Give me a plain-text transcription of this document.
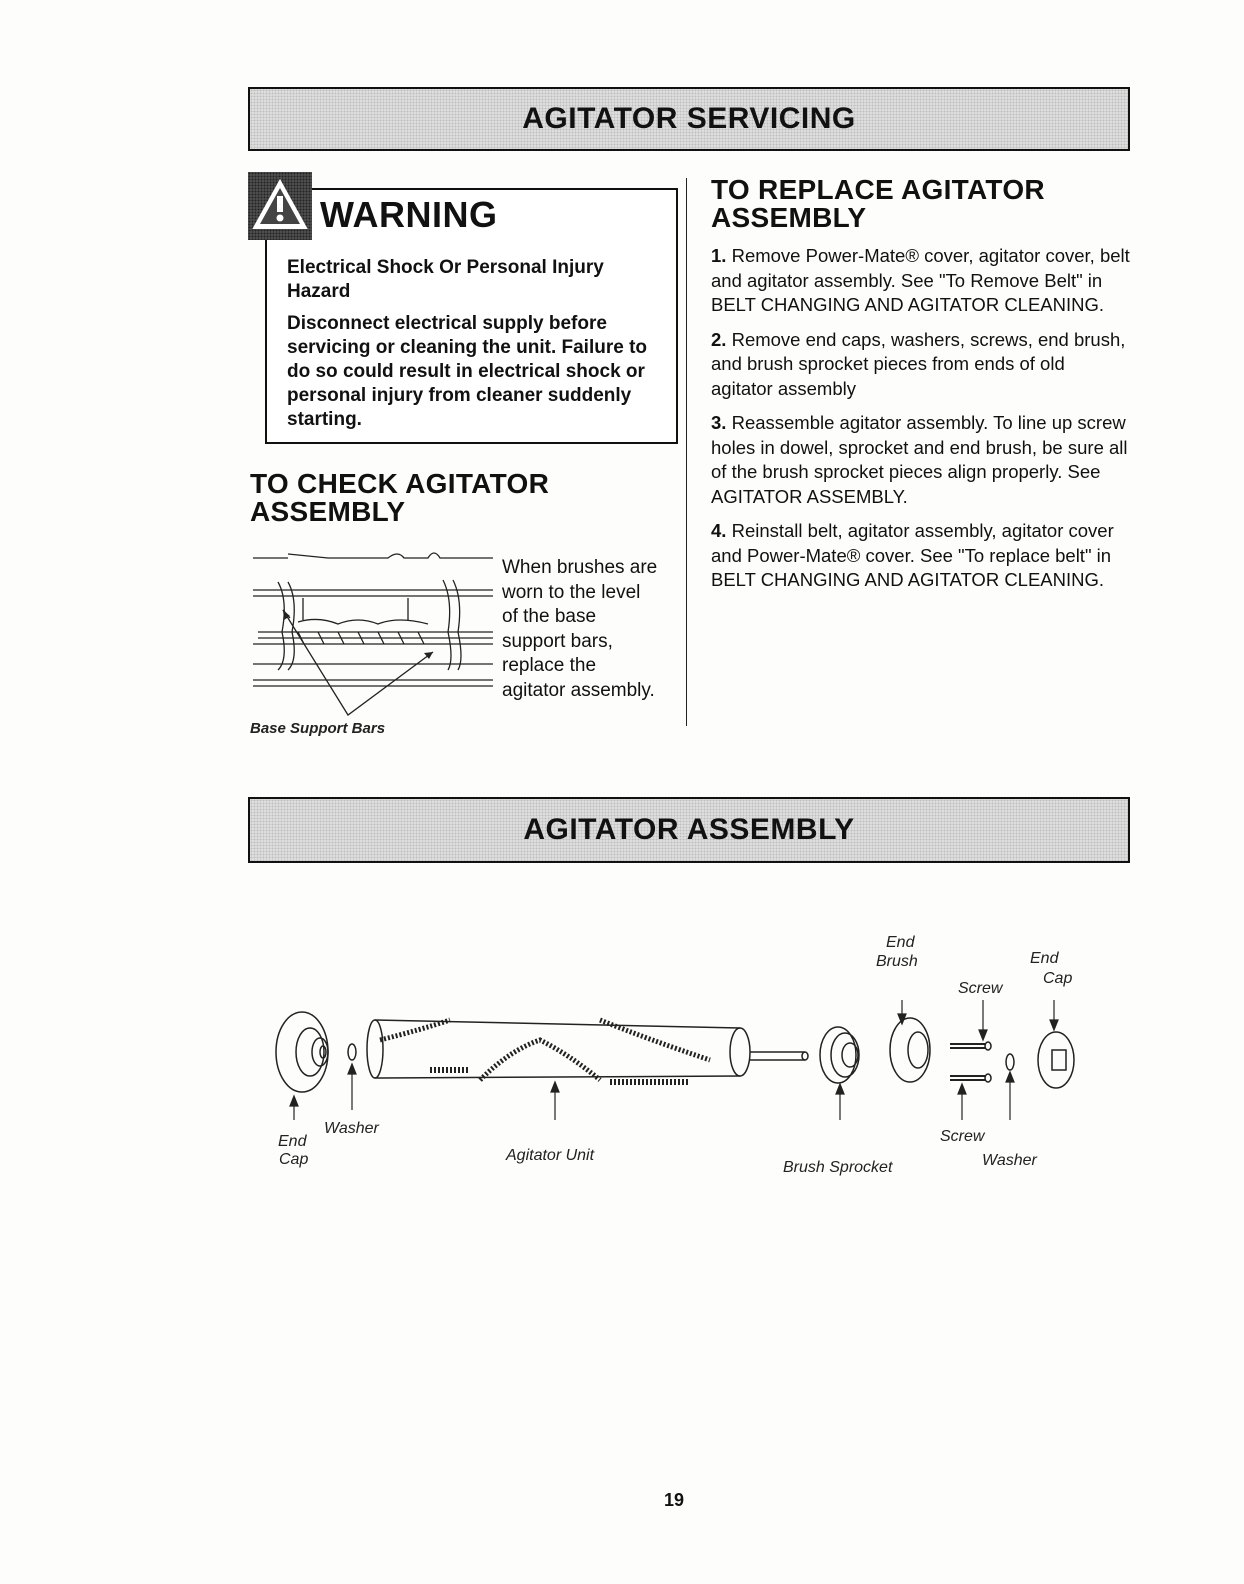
AGITATOR SERVICING
WARNING
Electrical Shock Or Personal Injury Hazard
Disconnect electrical supply before servicing or cleaning the unit. Failure to do so could result in electrical shock or personal injury from cleaner suddenly starting.
TO CHECK AGITATOR
ASSEMBLY
Base Support Bars
When brushes are worn to the level of the base support bars, replace the agitator assembly.
TO REPLACE AGITATOR
ASSEMBLY
1. Remove Power-Mate® cover, agitator cover, belt and agitator assembly. See "To Remove Belt" in BELT CHANGING AND AGITATOR CLEANING.
2. Remove end caps, washers, screws, end brush, and brush sprocket pieces from ends of old agitator assembly
3. Reassemble agitator assembly. To line up screw holes in dowel, sprocket and end brush, be sure all of the brush sprocket pieces align properly. See AGITATOR ASSEMBLY.
4. Reinstall belt, agitator assembly, agitator cover and Power-Mate® cover. See "To replace belt" in BELT CHANGING AND AGITATOR CLEANING.
AGITATOR ASSEMBLY
End
Cap
Washer
Agitator Unit
Brush Sprocket
End
Brush
Screw
Screw
End
Cap
Washer
19
